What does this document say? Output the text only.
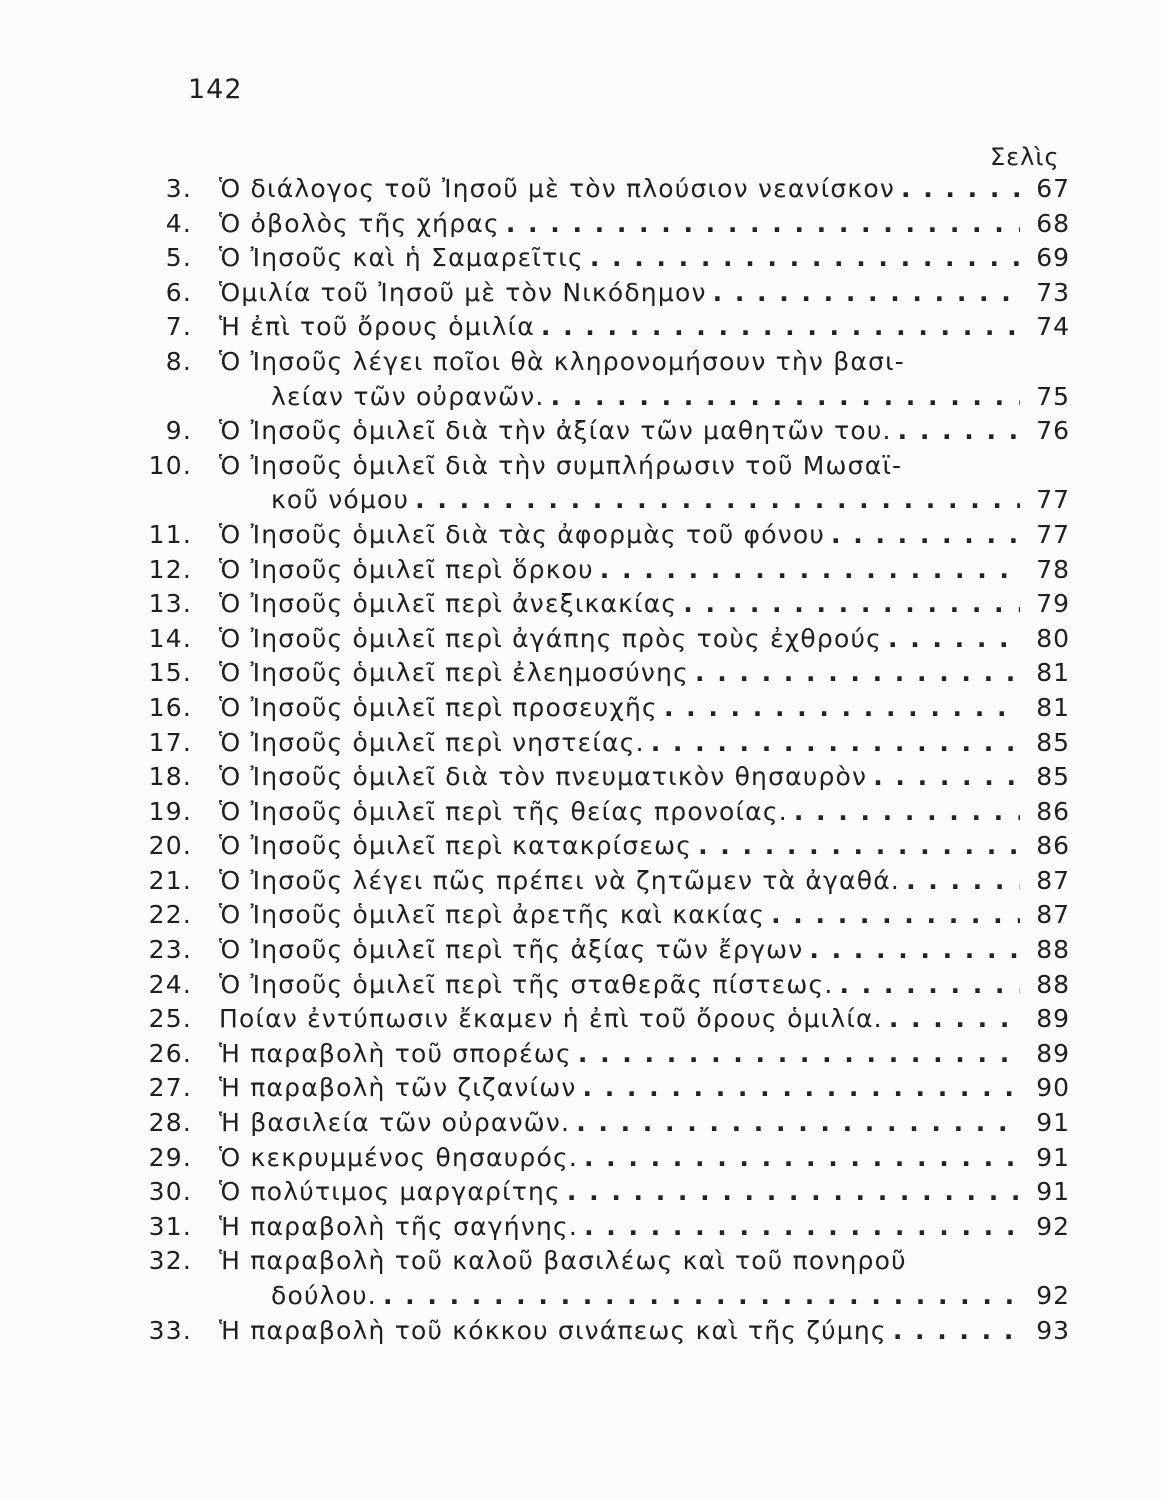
142
Σελὶς
3. Ὁ διάλογος τοῦ Ἰησοῦ μὲ τὸν πλούσιον νεανίσκον . . .	67
4. Ὁ ὀβολὸς τῆς χήρας . . .	68
5. Ὁ Ἰησοῦς καὶ ἡ Σαμαρεῖτις . . .	69
6. Ὁμιλία τοῦ Ἰησοῦ μὲ τὸν Νικόδημον . . .	73
7. Ἡ ἐπὶ τοῦ ὄρους ὁμιλία . . .	74
8. Ὁ Ἰησοῦς λέγει ποῖοι θὰ κληρονομήσουν τὴν βασι-
λείαν τῶν οὐρανῶν. . . .	75
9. Ὁ Ἰησοῦς ὁμιλεῖ διὰ τὴν ἀξίαν τῶν μαθητῶν του. . . .	76
10. Ὁ Ἰησοῦς ὁμιλεῖ διὰ τὴν συμπλήρωσιν τοῦ Μωσαϊ-
κοῦ νόμου . . .	77
11. Ὁ Ἰησοῦς ὁμιλεῖ διὰ τὰς ἀφορμὰς τοῦ φόνου . . .	77
12. Ὁ Ἰησοῦς ὁμιλεῖ περὶ ὅρκου . . .	78
13. Ὁ Ἰησοῦς ὁμιλεῖ περὶ ἀνεξικακίας . . .	79
14. Ὁ Ἰησοῦς ὁμιλεῖ περὶ ἀγάπης πρὸς τοὺς ἐχθρούς . . .	80
15. Ὁ Ἰησοῦς ὁμιλεῖ περὶ ἐλεημοσύνης . . .	81
16. Ὁ Ἰησοῦς ὁμιλεῖ περὶ προσευχῆς . . .	81
17. Ὁ Ἰησοῦς ὁμιλεῖ περὶ νηστείας. . . .	85
18. Ὁ Ἰησοῦς ὁμιλεῖ διὰ τὸν πνευματικὸν θησαυρὸν . . .	85
19. Ὁ Ἰησοῦς ὁμιλεῖ περὶ τῆς θείας προνοίας. . . .	86
20. Ὁ Ἰησοῦς ὁμιλεῖ περὶ κατακρίσεως . . .	86
21. Ὁ Ἰησοῦς λέγει πῶς πρέπει νὰ ζητῶμεν τὰ ἀγαθά. . . .	87
22. Ὁ Ἰησοῦς ὁμιλεῖ περὶ ἀρετῆς καὶ κακίας . . .	87
23. Ὁ Ἰησοῦς ὁμιλεῖ περὶ τῆς ἀξίας τῶν ἔργων . . .	88
24. Ὁ Ἰησοῦς ὁμιλεῖ περὶ τῆς σταθερᾶς πίστεως. . . .	88
25. Ποίαν ἐντύπωσιν ἔκαμεν ἡ ἐπὶ τοῦ ὄρους ὁμιλία. . . .	89
26. Ἡ παραβολὴ τοῦ σπορέως . . .	89
27. Ἡ παραβολὴ τῶν ζιζανίων . . .	90
28. Ἡ βασιλεία τῶν οὐρανῶν. . . .	91
29. Ὁ κεκρυμμένος θησαυρός. . . .	91
30. Ὁ πολύτιμος μαργαρίτης . . .	91
31. Ἡ παραβολὴ τῆς σαγήνης. . . .	92
32. Ἡ παραβολὴ τοῦ καλοῦ βασιλέως καὶ τοῦ πονηροῦ
δούλου. . . .	92
33. Ἡ παραβολὴ τοῦ κόκκου σινάπεως καὶ τῆς ζύμης . . .	93
